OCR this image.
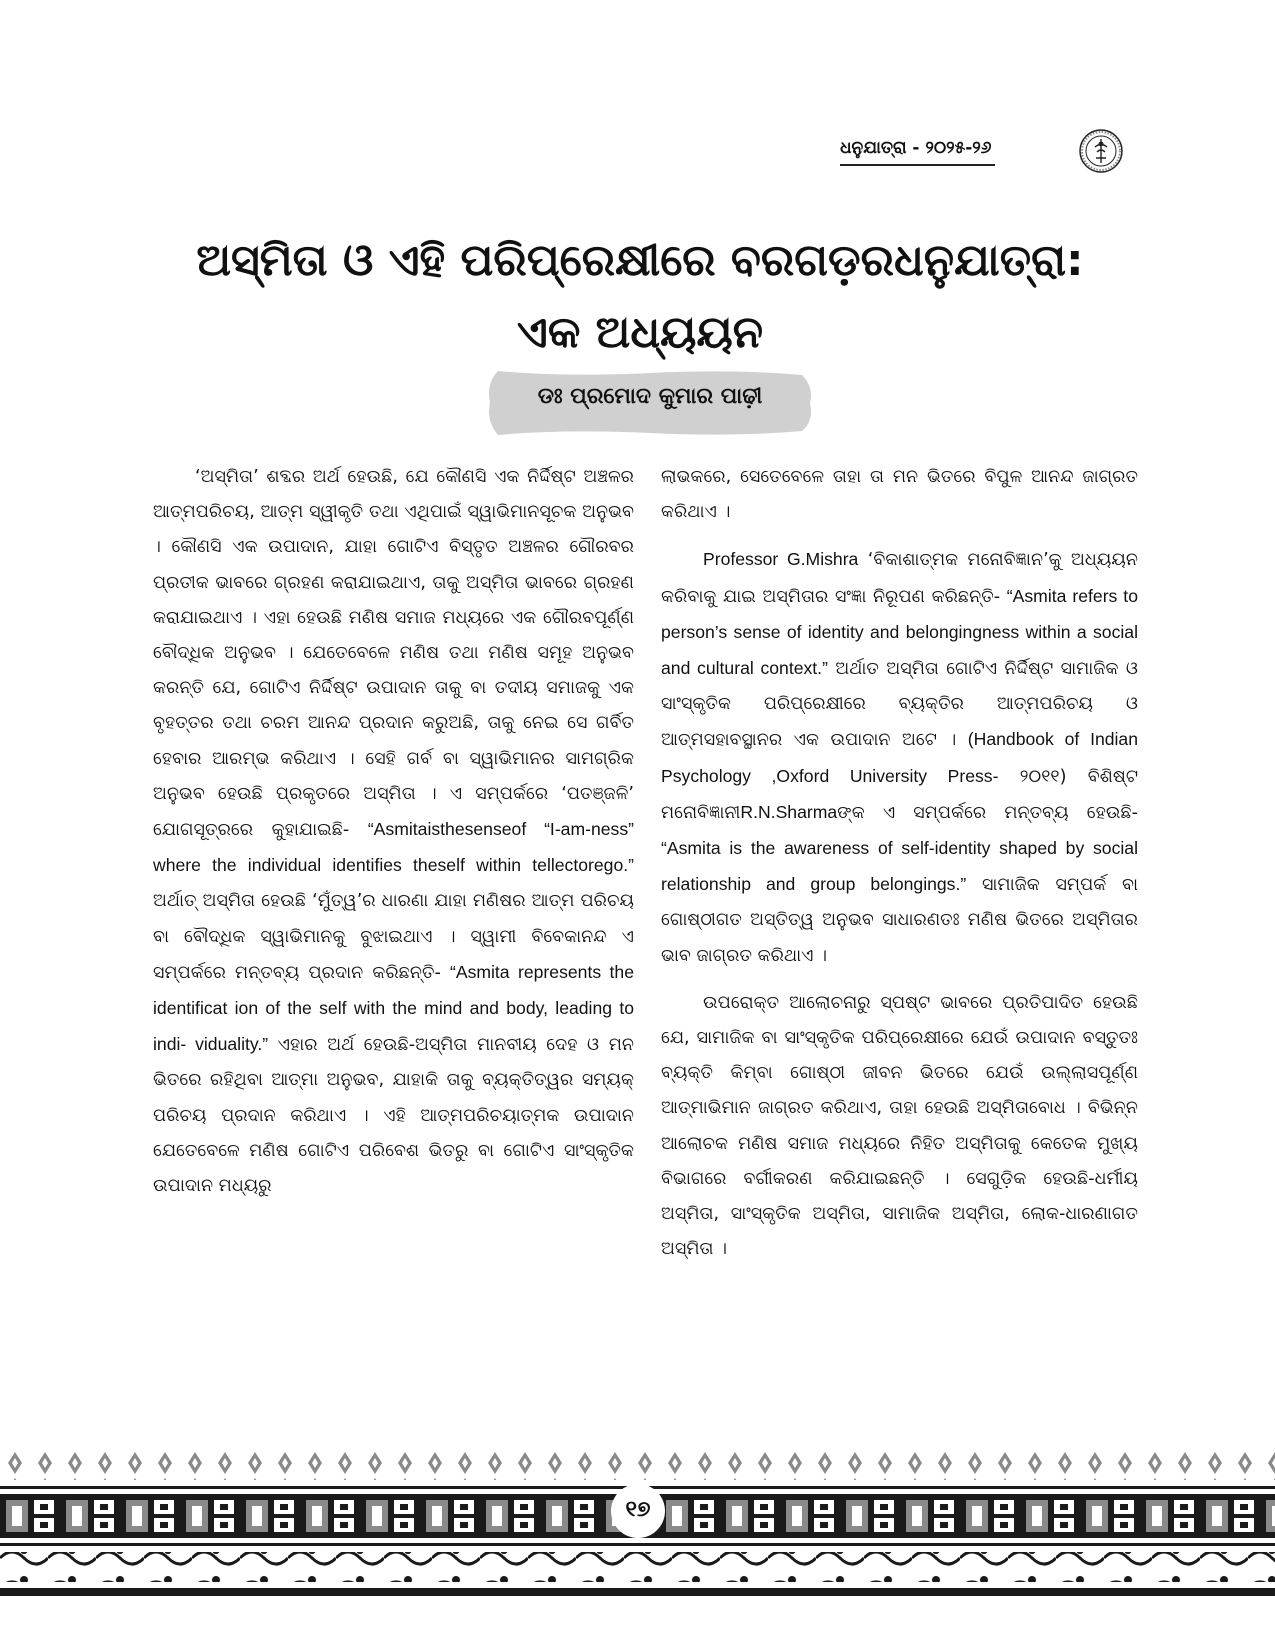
ଧନୁଯାତ୍ରା - ୨୦୨୫-୨୬
ଅସ୍ମିତା ଓ ଏହି ପରିପ୍ରେକ୍ଷୀରେ ବରଗଡ଼ରଧନୁଯାତ୍ରା:
ଏକ ଅଧ୍ୟୟନ
ଡଃ ପ୍ରମୋଦ କୁମାର ପାଢ଼ୀ

‘ଅସ୍ମିତା’ ଶବ୍ଦର ଅର୍ଥ ହେଉଛି, ଯେ କୌଣସି ଏକ ନିର୍ଦ୍ଦିଷ୍ଟ ଅଞ୍ଚଳର ଆତ୍ମପରିଚୟ, ଆତ୍ମ ସ୍ୱୀକୃତି ତଥା ଏଥିପାଇଁ ସ୍ୱାଭିମାନସୂଚକ ଅନୁଭବ । କୌଣସି ଏକ ଉପାଦାନ, ଯାହା ଗୋଟିଏ ବିସ୍ତୃତ ଅଞ୍ଚଳର ଗୌରବର ପ୍ରତୀକ ଭାବରେ ଗ୍ରହଣ କରାଯାଇଥାଏ, ତାକୁ ଅସ୍ମିତା ଭାବରେ ଗ୍ରହଣ କରାଯାଇଥାଏ । ଏହା ହେଉଛି ମଣିଷ ସମାଜ ମଧ୍ୟରେ ଏକ ଗୌରବପୂର୍ଣ୍ଣ ବୌଦ୍ଧିକ ଅନୁଭବ । ଯେତେବେଳେ ମଣିଷ ତଥା ମଣିଷ ସମୂହ ଅନୁଭବ କରନ୍ତି ଯେ, ଗୋଟିଏ ନିର୍ଦ୍ଦିଷ୍ଟ ଉପାଦାନ ତାକୁ ବା ତଦୀୟ ସମାଜକୁ ଏକ ବୃହତ୍ତର ତଥା ଚରମ ଆନନ୍ଦ ପ୍ରଦାନ କରୁଅଛି, ତାକୁ ନେଇ ସେ ଗର୍ବିତ ହେବାର ଆରମ୍ଭ କରିଥାଏ । ସେହି ଗର୍ବ ବା ସ୍ୱାଭିମାନର ସାମଗ୍ରିକ ଅନୁଭବ ହେଉଛି ପ୍ରକୃତରେ ଅସ୍ମିତା । ଏ ସମ୍ପର୍କରେ ‘ପତଞ୍ଜଳି’ ଯୋଗସୂତ୍ରରେ କୁହାଯାଇଛି- “Asmitaisthesenseof “I-am-ness” where the individual identifies theself within tellectorego.” ଅର୍ଥାତ୍ ଅସ୍ମିତା ହେଉଛି ‘ମୁଁତ୍ୱ’ର ଧାରଣା ଯାହା ମଣିଷର ଆତ୍ମ ପରିଚୟ ବା ବୌଦ୍ଧିକ ସ୍ୱାଭିମାନକୁ ବୁଝାଇଥାଏ । ସ୍ୱାମୀ ବିବେକାନନ୍ଦ ଏ ସମ୍ପର୍କରେ ମନ୍ତବ୍ୟ ପ୍ରଦାନ କରିଛନ୍ତି- “Asmita represents the identificat ion of the self with the mind and body, leading to indi- viduality.” ଏହାର ଅର୍ଥ ହେଉଛି-ଅସ୍ମିତା ମାନବୀୟ ଦେହ ଓ ମନ ଭିତରେ ରହିଥିବା ଆତ୍ମା ଅନୁଭବ, ଯାହାକି ତାକୁ ବ୍ୟକ୍ତିତ୍ୱର ସମ୍ୟକ୍ ପରିଚୟ ପ୍ରଦାନ କରିଥାଏ । ଏହି ଆତ୍ମପରିଚୟାତ୍ମକ ଉପାଦାନ ଯେତେବେଳେ ମଣିଷ ଗୋଟିଏ ପରିବେଶ ଭିତରୁ ବା ଗୋଟିଏ ସାଂସ୍କୃତିକ ଉପାଦାନ ମଧ୍ୟରୁ

ଲାଭକରେ, ସେତେବେଳେ ତାହା ତା ମନ ଭିତରେ ବିପୁଳ ଆନନ୍ଦ ଜାଗ୍ରତ କରିଥାଏ ।

Professor G.Mishra ‘ବିକାଶାତ୍ମକ ମନୋବିଜ୍ଞାନ’କୁ ଅଧ୍ୟୟନ କରିବାକୁ ଯାଇ ଅସ୍ମିତାର ସଂଜ୍ଞା ନିରୂପଣ କରିଛନ୍ତି- “Asmita refers to person’s sense of identity and belongingness within a social and cultural context.” ଅର୍ଥାତ ଅସ୍ମିତା ଗୋଟିଏ ନିର୍ଦ୍ଦିଷ୍ଟ ସାମାଜିକ ଓ ସାଂସ୍କୃତିକ ପରିପ୍ରେକ୍ଷୀରେ ବ୍ୟକ୍ତିର ଆତ୍ମପରିଚୟ ଓ ଆତ୍ମସହାବସ୍ଥାନର ଏକ ଉପାଦାନ ଅଟେ । (Handbook of Indian Psychology ,Oxford University Press- ୨୦୧୧) ବିଶିଷ୍ଟ ମନୋବିଜ୍ଞାନୀR.N.Sharmaଙ୍କ ଏ ସମ୍ପର୍କରେ ମନ୍ତବ୍ୟ ହେଉଛି- “Asmita is the awareness of self-identity shaped by social relationship and group belongings.” ସାମାଜିକ ସମ୍ପର୍କ ବା ଗୋଷ୍ଠୀଗତ ଅସ୍ତିତ୍ୱ ଅନୁଭବ ସାଧାରଣତଃ ମଣିଷ ଭିତରେ ଅସ୍ମିତାର ଭାବ ଜାଗ୍ରତ କରିଥାଏ ।

ଉପରୋକ୍ତ ଆଲୋଚନାରୁ ସ୍ପଷ୍ଟ ଭାବରେ ପ୍ରତିପାଦିତ ହେଉଛି ଯେ, ସାମାଜିକ ବା ସାଂସ୍କୃତିକ ପରିପ୍ରେକ୍ଷୀରେ ଯେଉଁ ଉପାଦାନ ବସ୍ତୁତଃ ବ୍ୟକ୍ତି କିମ୍ବା ଗୋଷ୍ଠୀ ଜୀବନ ଭିତରେ ଯେଉଁ ଉଲ୍ଲାସପୂର୍ଣ୍ଣ ଆତ୍ମାଭିମାନ ଜାଗ୍ରତ କରିଥାଏ, ତାହା ହେଉଛି ଅସ୍ମିତାବୋଧ । ବିଭିନ୍ନ ଆଲୋଚକ ମଣିଷ ସମାଜ ମଧ୍ୟରେ ନିହିତ ଅସ୍ମିତାକୁ କେତେକ ମୁଖ୍ୟ ବିଭାଗରେ ବର୍ଗୀକରଣ କରିଯାଇଛନ୍ତି । ସେଗୁଡ଼ିକ ହେଉଛି-ଧର୍ମୀୟ ଅସ୍ମିତା, ସାଂସ୍କୃତିକ ଅସ୍ମିତା, ସାମାଜିକ ଅସ୍ମିତା, ଲୋକ-ଧାରଣାଗତ ଅସ୍ମିତା ।

୧୭
